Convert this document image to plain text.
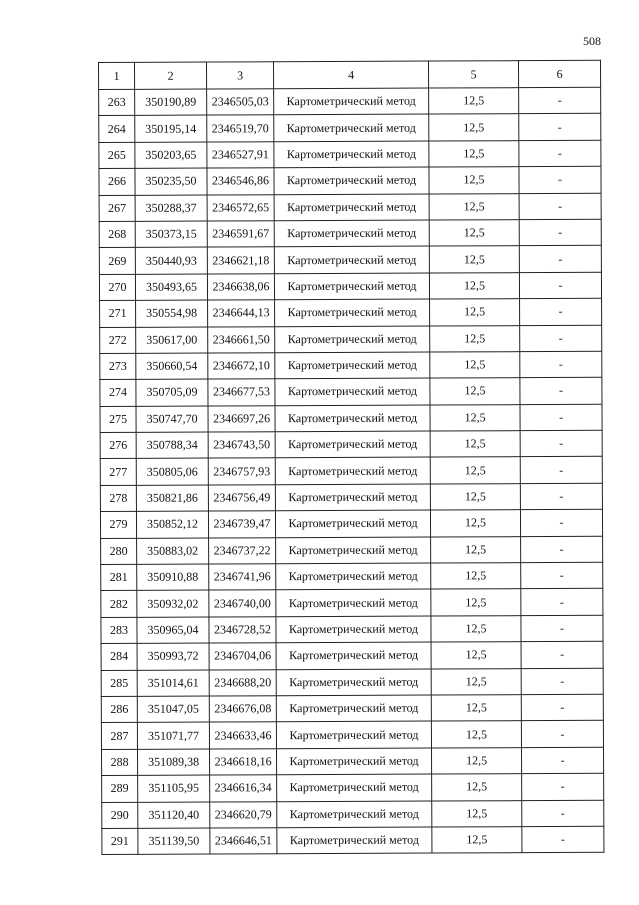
508
1	2	3	4	5	6
263	350190,89	2346505,03	Картометрический метод	12,5	-
264	350195,14	2346519,70	Картометрический метод	12,5	-
265	350203,65	2346527,91	Картометрический метод	12,5	-
266	350235,50	2346546,86	Картометрический метод	12,5	-
267	350288,37	2346572,65	Картометрический метод	12,5	-
268	350373,15	2346591,67	Картометрический метод	12,5	-
269	350440,93	2346621,18	Картометрический метод	12,5	-
270	350493,65	2346638,06	Картометрический метод	12,5	-
271	350554,98	2346644,13	Картометрический метод	12,5	-
272	350617,00	2346661,50	Картометрический метод	12,5	-
273	350660,54	2346672,10	Картометрический метод	12,5	-
274	350705,09	2346677,53	Картометрический метод	12,5	-
275	350747,70	2346697,26	Картометрический метод	12,5	-
276	350788,34	2346743,50	Картометрический метод	12,5	-
277	350805,06	2346757,93	Картометрический метод	12,5	-
278	350821,86	2346756,49	Картометрический метод	12,5	-
279	350852,12	2346739,47	Картометрический метод	12,5	-
280	350883,02	2346737,22	Картометрический метод	12,5	-
281	350910,88	2346741,96	Картометрический метод	12,5	-
282	350932,02	2346740,00	Картометрический метод	12,5	-
283	350965,04	2346728,52	Картометрический метод	12,5	-
284	350993,72	2346704,06	Картометрический метод	12,5	-
285	351014,61	2346688,20	Картометрический метод	12,5	-
286	351047,05	2346676,08	Картометрический метод	12,5	-
287	351071,77	2346633,46	Картометрический метод	12,5	-
288	351089,38	2346618,16	Картометрический метод	12,5	-
289	351105,95	2346616,34	Картометрический метод	12,5	-
290	351120,40	2346620,79	Картометрический метод	12,5	-
291	351139,50	2346646,51	Картометрический метод	12,5	-
